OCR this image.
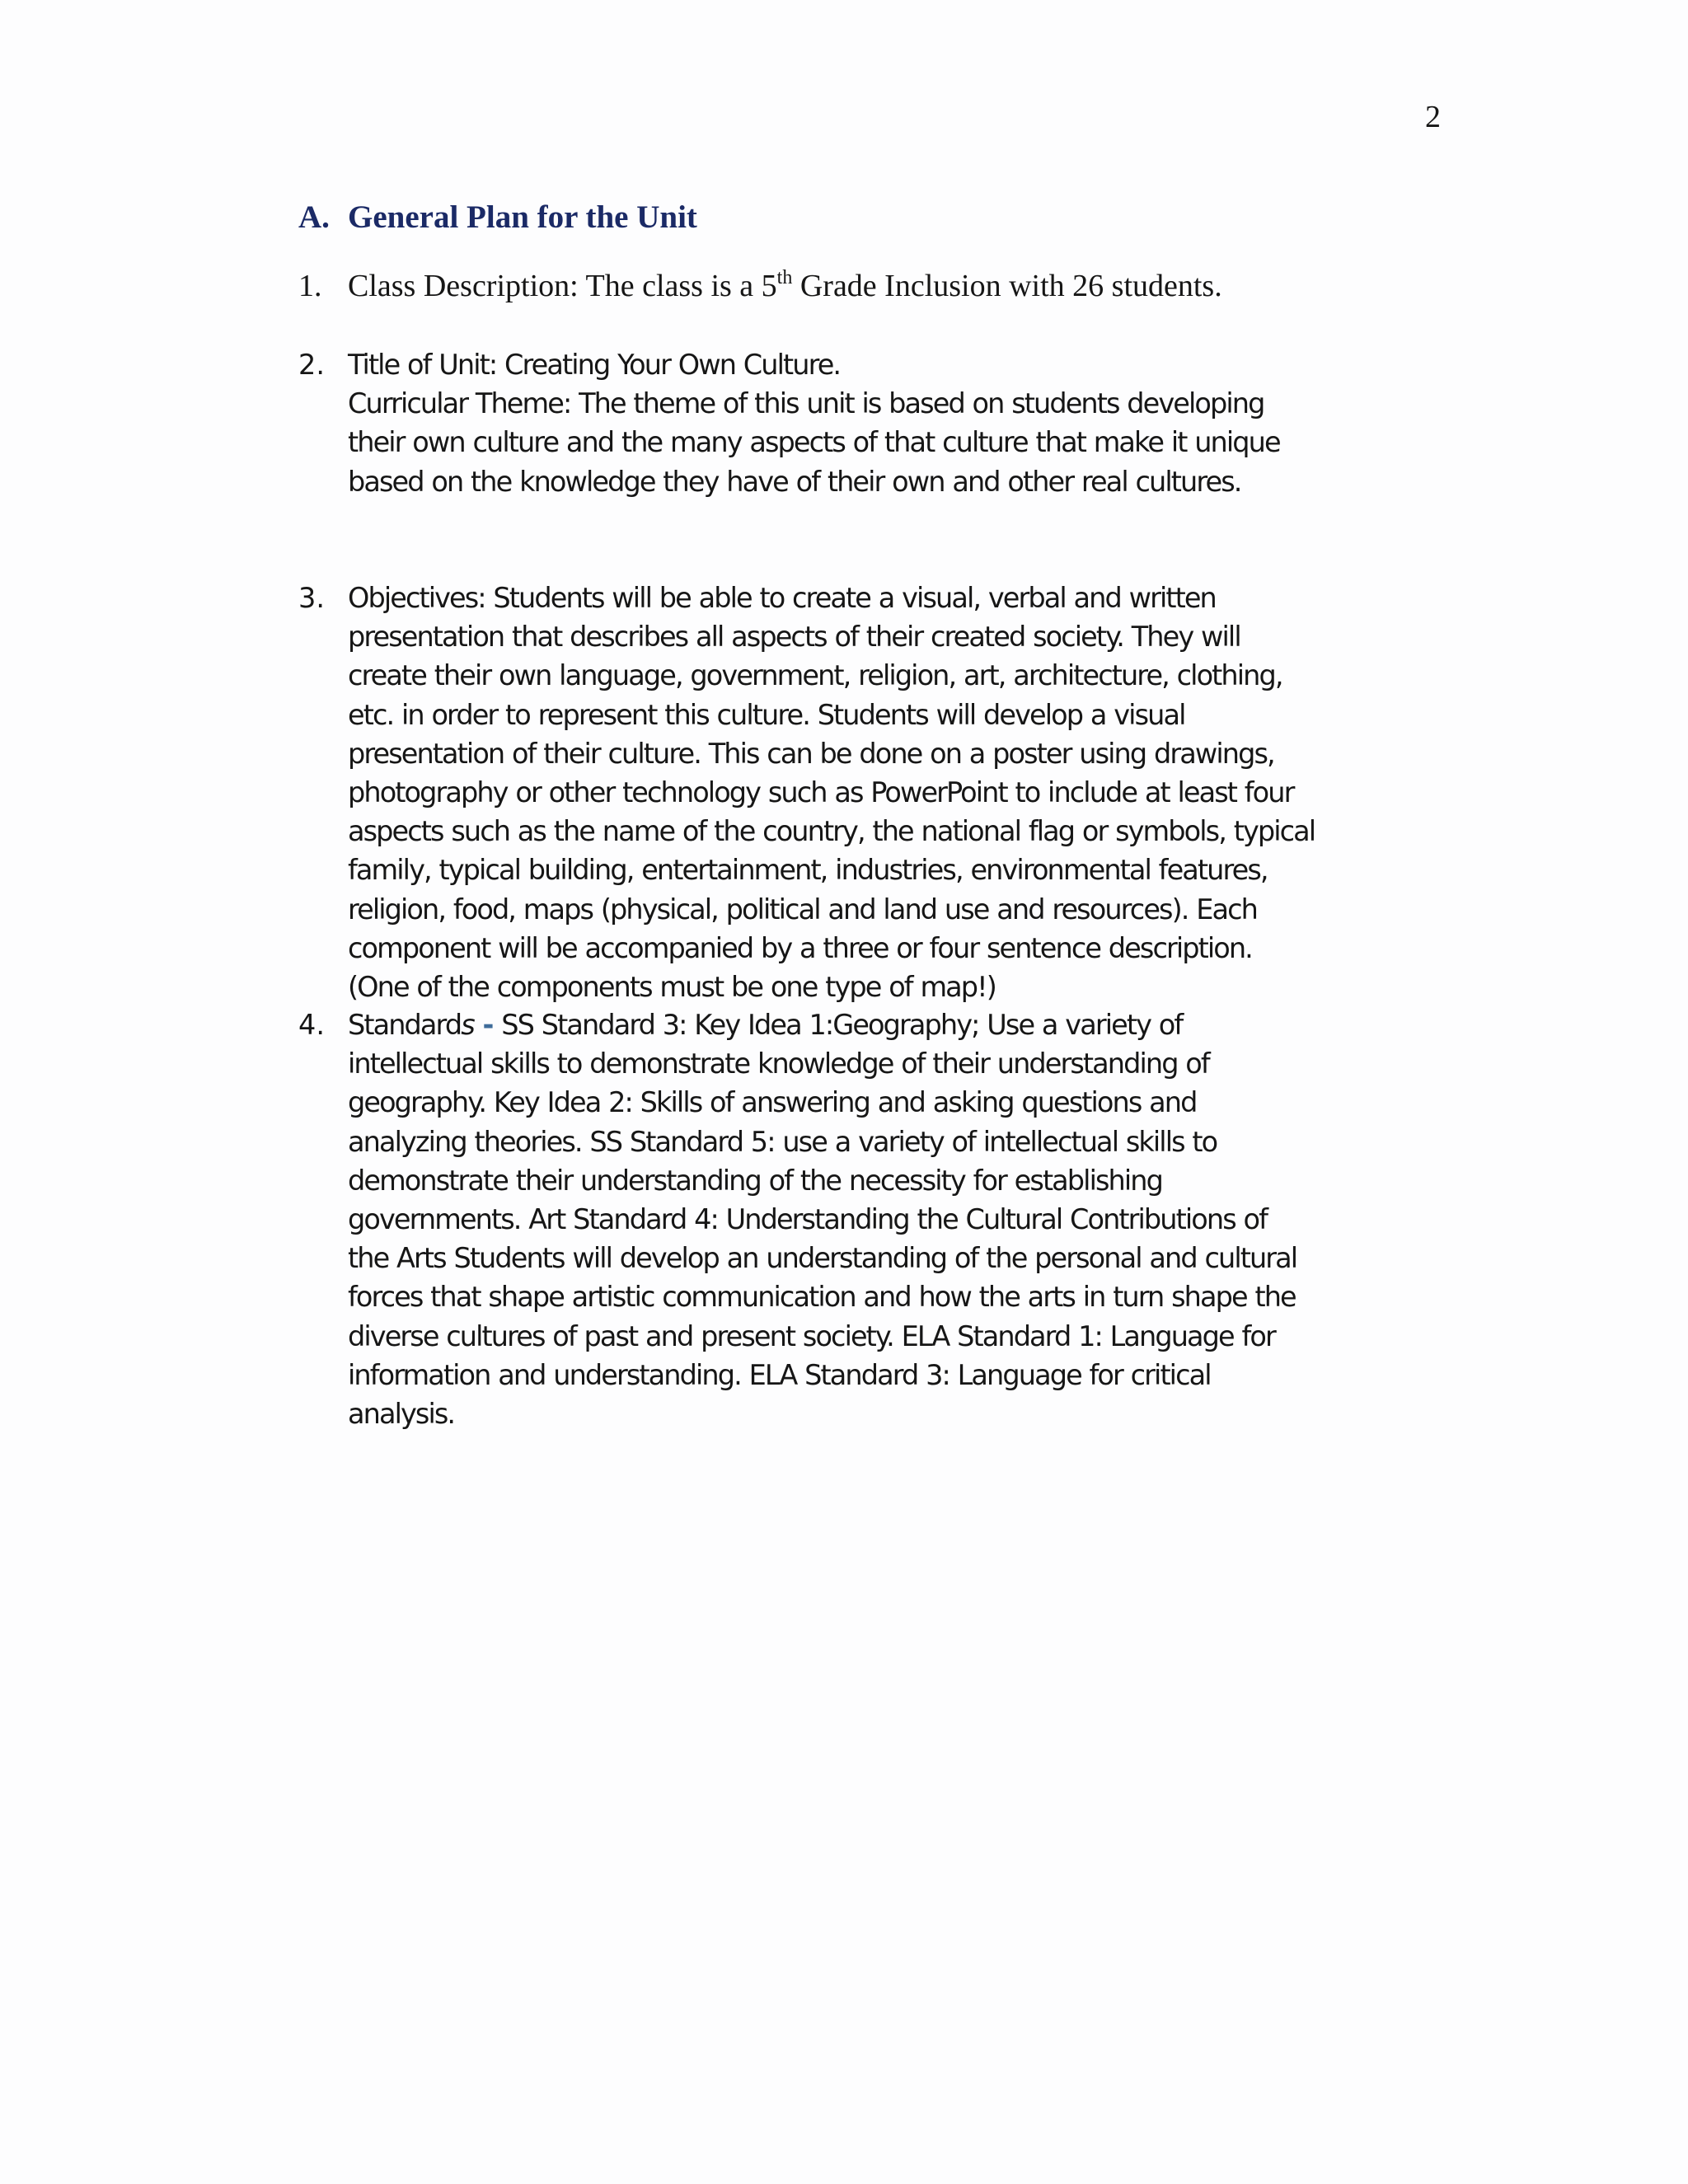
2
A. General Plan for the Unit
1. Class Description: The class is a 5th Grade Inclusion with 26 students.
2. Title of Unit: Creating Your Own Culture.
Curricular Theme: The theme of this unit is based on students developing
their own culture and the many aspects of that culture that make it unique
based on the knowledge they have of their own and other real cultures.
3. Objectives: Students will be able to create a visual, verbal and written
presentation that describes all aspects of their created society. They will
create their own language, government, religion, art, architecture, clothing,
etc. in order to represent this culture. Students will develop a visual
presentation of their culture. This can be done on a poster using drawings,
photography or other technology such as PowerPoint to include at least four
aspects such as the name of the country, the national flag or symbols, typical
family, typical building, entertainment, industries, environmental features,
religion, food, maps (physical, political and land use and resources). Each
component will be accompanied by a three or four sentence description.
(One of the components must be one type of map!)
4. Standards - SS Standard 3: Key Idea 1:Geography; Use a variety of
intellectual skills to demonstrate knowledge of their understanding of
geography. Key Idea 2: Skills of answering and asking questions and
analyzing theories. SS Standard 5: use a variety of intellectual skills to
demonstrate their understanding of the necessity for establishing
governments. Art Standard 4: Understanding the Cultural Contributions of
the Arts Students will develop an understanding of the personal and cultural
forces that shape artistic communication and how the arts in turn shape the
diverse cultures of past and present society. ELA Standard 1: Language for
information and understanding. ELA Standard 3: Language for critical
analysis.
